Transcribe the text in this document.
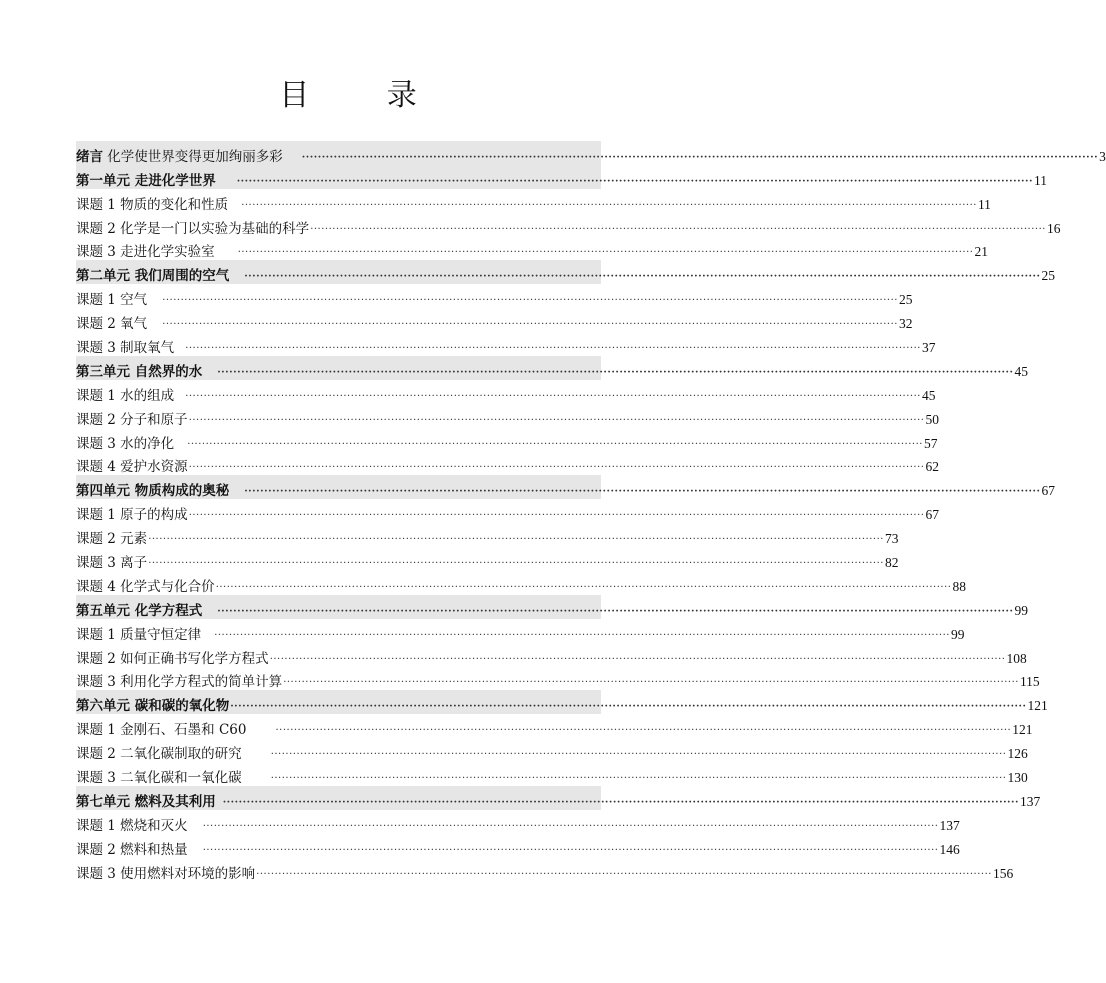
目 录
绪言 化学使世界变得更加绚丽多彩 ········································································································································································································ 3
第一单元 走进化学世界 ········································································································································································································ 11
课题 1 物质的变化和性质 ········································································································································································································ 11
课题 2 化学是一门以实验为基础的科学 ········································································································································································································ 16
课题 3 走进化学实验室 ········································································································································································································ 21
第二单元 我们周围的空气 ········································································································································································································ 25
课题 1 空气 ········································································································································································································ 25
课题 2 氧气 ········································································································································································································ 32
课题 3 制取氧气 ········································································································································································································ 37
第三单元 自然界的水 ········································································································································································································ 45
课题 1 水的组成 ········································································································································································································ 45
课题 2 分子和原子 ········································································································································································································ 50
课题 3 水的净化 ········································································································································································································ 57
课题 4 爱护水资源 ········································································································································································································ 62
第四单元 物质构成的奥秘 ········································································································································································································ 67
课题 1 原子的构成 ········································································································································································································ 67
课题 2 元素 ········································································································································································································ 73
课题 3 离子 ········································································································································································································ 82
课题 4 化学式与化合价 ········································································································································································································ 88
第五单元 化学方程式 ········································································································································································································ 99
课题 1 质量守恒定律 ········································································································································································································ 99
课题 2 如何正确书写化学方程式 ········································································································································································································ 108
课题 3 利用化学方程式的简单计算 ········································································································································································································ 115
第六单元 碳和碳的氧化物 ········································································································································································································ 121
课题 1 金刚石、石墨和 C60	········································································································································································································ 121
课题 2 二氧化碳制取的研究	········································································································································································································ 126
课题 3 二氧化碳和一氧化碳	········································································································································································································ 130
第七单元 燃料及其利用 ········································································································································································································ 137
课题 1 燃烧和灭火 ········································································································································································································ 137
课题 2 燃料和热量 ········································································································································································································ 146
课题 3 使用燃料对环境的影响 ········································································································································································································ 156
